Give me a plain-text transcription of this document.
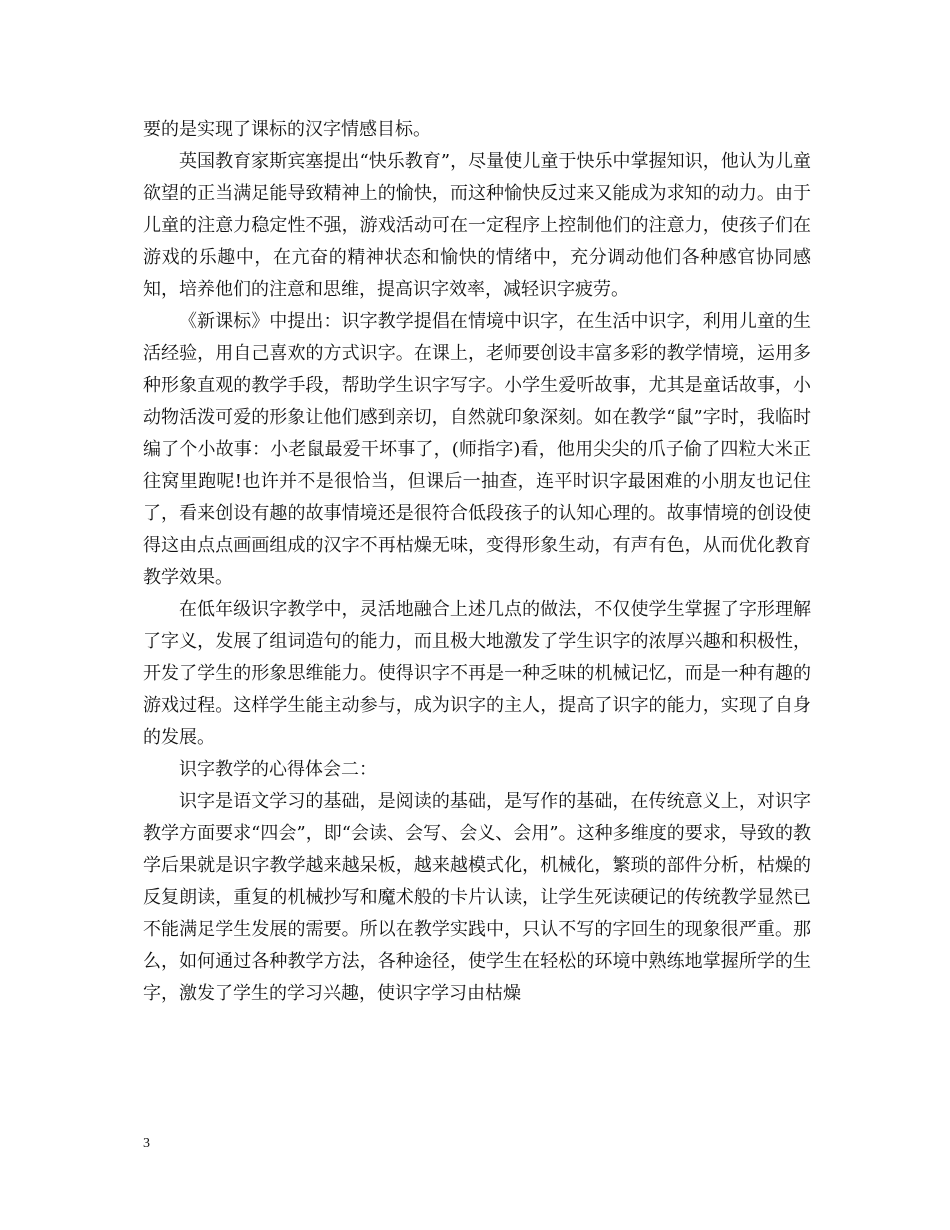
要的是实现了课标的汉字情感目标。

英国教育家斯宾塞提出“快乐教育”，尽量使儿童于快乐中掌握知识，他认为儿童欲望的正当满足能导致精神上的愉快，而这种愉快反过来又能成为求知的动力。由于儿童的注意力稳定性不强，游戏活动可在一定程序上控制他们的注意力，使孩子们在游戏的乐趣中，在亢奋的精神状态和愉快的情绪中，充分调动他们各种感官协同感知，培养他们的注意和思维，提高识字效率，减轻识字疲劳。

《新课标》中提出：识字教学提倡在情境中识字，在生活中识字，利用儿童的生活经验，用自己喜欢的方式识字。在课上，老师要创设丰富多彩的教学情境，运用多种形象直观的教学手段，帮助学生识字写字。小学生爱听故事，尤其是童话故事，小动物活泼可爱的形象让他们感到亲切，自然就印象深刻。如在教学“鼠”字时，我临时编了个小故事：小老鼠最爱干坏事了，(师指字)看，他用尖尖的爪子偷了四粒大米正往窝里跑呢!也许并不是很恰当，但课后一抽查，连平时识字最困难的小朋友也记住了，看来创设有趣的故事情境还是很符合低段孩子的认知心理的。故事情境的创设使得这由点点画画组成的汉字不再枯燥无味，变得形象生动，有声有色，从而优化教育教学效果。

在低年级识字教学中，灵活地融合上述几点的做法，不仅使学生掌握了字形理解了字义，发展了组词造句的能力，而且极大地激发了学生识字的浓厚兴趣和积极性，开发了学生的形象思维能力。使得识字不再是一种乏味的机械记忆，而是一种有趣的游戏过程。这样学生能主动参与，成为识字的主人，提高了识字的能力，实现了自身的发展。

识字教学的心得体会二：

识字是语文学习的基础，是阅读的基础，是写作的基础，在传统意义上，对识字教学方面要求“四会”，即“会读、会写、会义、会用”。这种多维度的要求，导致的教学后果就是识字教学越来越呆板，越来越模式化，机械化，繁琐的部件分析，枯燥的反复朗读，重复的机械抄写和魔术般的卡片认读，让学生死读硬记的传统教学显然已不能满足学生发展的需要。所以在教学实践中，只认不写的字回生的现象很严重。那么，如何通过各种教学方法，各种途径，使学生在轻松的环境中熟练地掌握所学的生字，激发了学生的学习兴趣，使识字学习由枯燥

3
